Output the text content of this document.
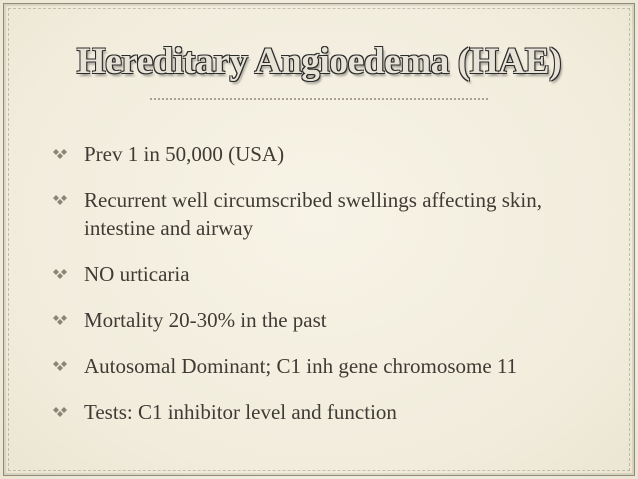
Hereditary Angioedema (HAE)
Prev 1 in 50,000 (USA)
Recurrent well circumscribed swellings affecting skin, intestine and airway
NO urticaria
Mortality 20-30% in the past
Autosomal Dominant; C1 inh gene chromosome 11
Tests: C1 inhibitor level and function
